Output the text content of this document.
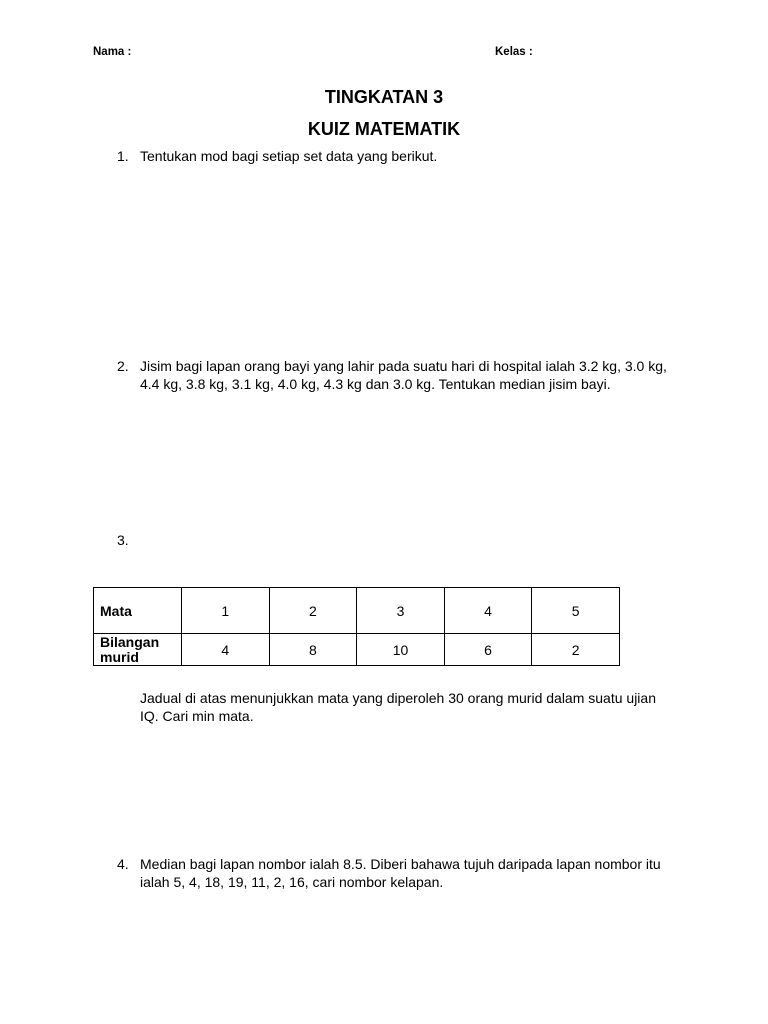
Nama :	Kelas :
TINGKATAN 3
KUIZ MATEMATIK
1. Tentukan mod bagi setiap set data yang berikut.
2. Jisim bagi lapan orang bayi yang lahir pada suatu hari di hospital ialah 3.2 kg, 3.0 kg,
4.4 kg, 3.8 kg, 3.1 kg, 4.0 kg, 4.3 kg dan 3.0 kg. Tentukan median jisim bayi.
3.
Mata	1	2	3	4	5
Bilangan murid	4	8	10	6	2
Jadual di atas menunjukkan mata yang diperoleh 30 orang murid dalam suatu ujian
IQ. Cari min mata.
4. Median bagi lapan nombor ialah 8.5. Diberi bahawa tujuh daripada lapan nombor itu
ialah 5, 4, 18, 19, 11, 2, 16, cari nombor kelapan.
